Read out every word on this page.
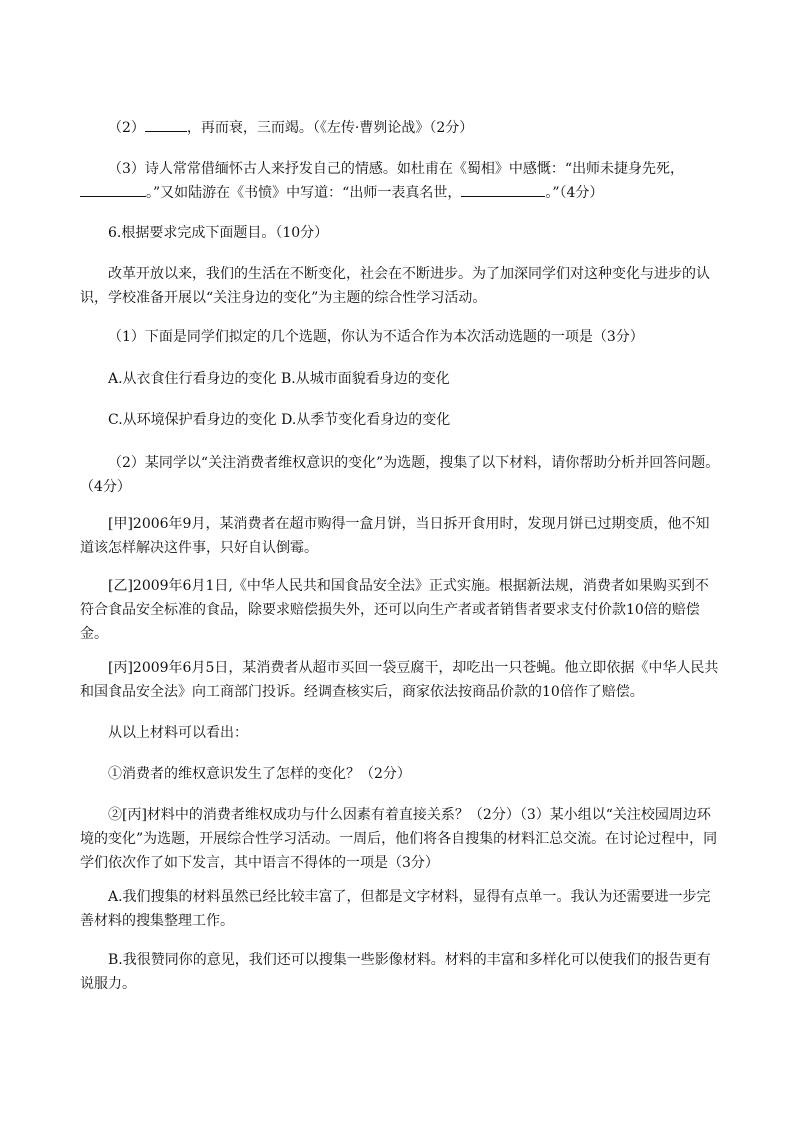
（2）	，再而衰，三而竭。（《左传·曹刿论战》（2分）

（3）诗人常常借缅怀古人来抒发自己的情感。如杜甫在《蜀相》中感慨：“出师未捷身先死，。”又如陆游在《书愤》中写道：“出师一表真名世，	。”（4分）

6.根据要求完成下面题目。（10分）

改革开放以来，我们的生活在不断变化，社会在不断进步。为了加深同学们对这种变化与进步的认识，学校准备开展以“关注身边的变化”为主题的综合性学习活动。

（1）下面是同学们拟定的几个选题，你认为不适合作为本次活动选题的一项是（3分）

A.从衣食住行看身边的变化 B.从城市面貌看身边的变化

C.从环境保护看身边的变化 D.从季节变化看身边的变化

（2）某同学以“关注消费者维权意识的变化”为选题，搜集了以下材料，请你帮助分析并回答问题。（4分）

[甲]2006年9月，某消费者在超市购得一盒月饼，当日拆开食用时，发现月饼已过期变质，他不知道该怎样解决这件事，只好自认倒霉。

[乙]2009年6月1日,《中华人民共和国食品安全法》正式实施。根据新法规，消费者如果购买到不符合食品安全标准的食品，除要求赔偿损失外，还可以向生产者或者销售者要求支付价款10倍的赔偿金。

[丙]2009年6月5日，某消费者从超市买回一袋豆腐干，却吃出一只苍蝇。他立即依据《中华人民共和国食品安全法》向工商部门投诉。经调查核实后，商家依法按商品价款的10倍作了赔偿。

从以上材料可以看出：

①消费者的维权意识发生了怎样的变化？（2分）

②[丙]材料中的消费者维权成功与什么因素有着直接关系？（2分）（3）某小组以“关注校园周边环境的变化”为选题，开展综合性学习活动。一周后，他们将各自搜集的材料汇总交流。在讨论过程中，同学们依次作了如下发言，其中语言不得体的一项是（3分）

A.我们搜集的材料虽然已经比较丰富了，但都是文字材料，显得有点单一。我认为还需要进一步完善材料的搜集整理工作。

B.我很赞同你的意见，我们还可以搜集一些影像材料。材料的丰富和多样化可以使我们的报告更有说服力。
